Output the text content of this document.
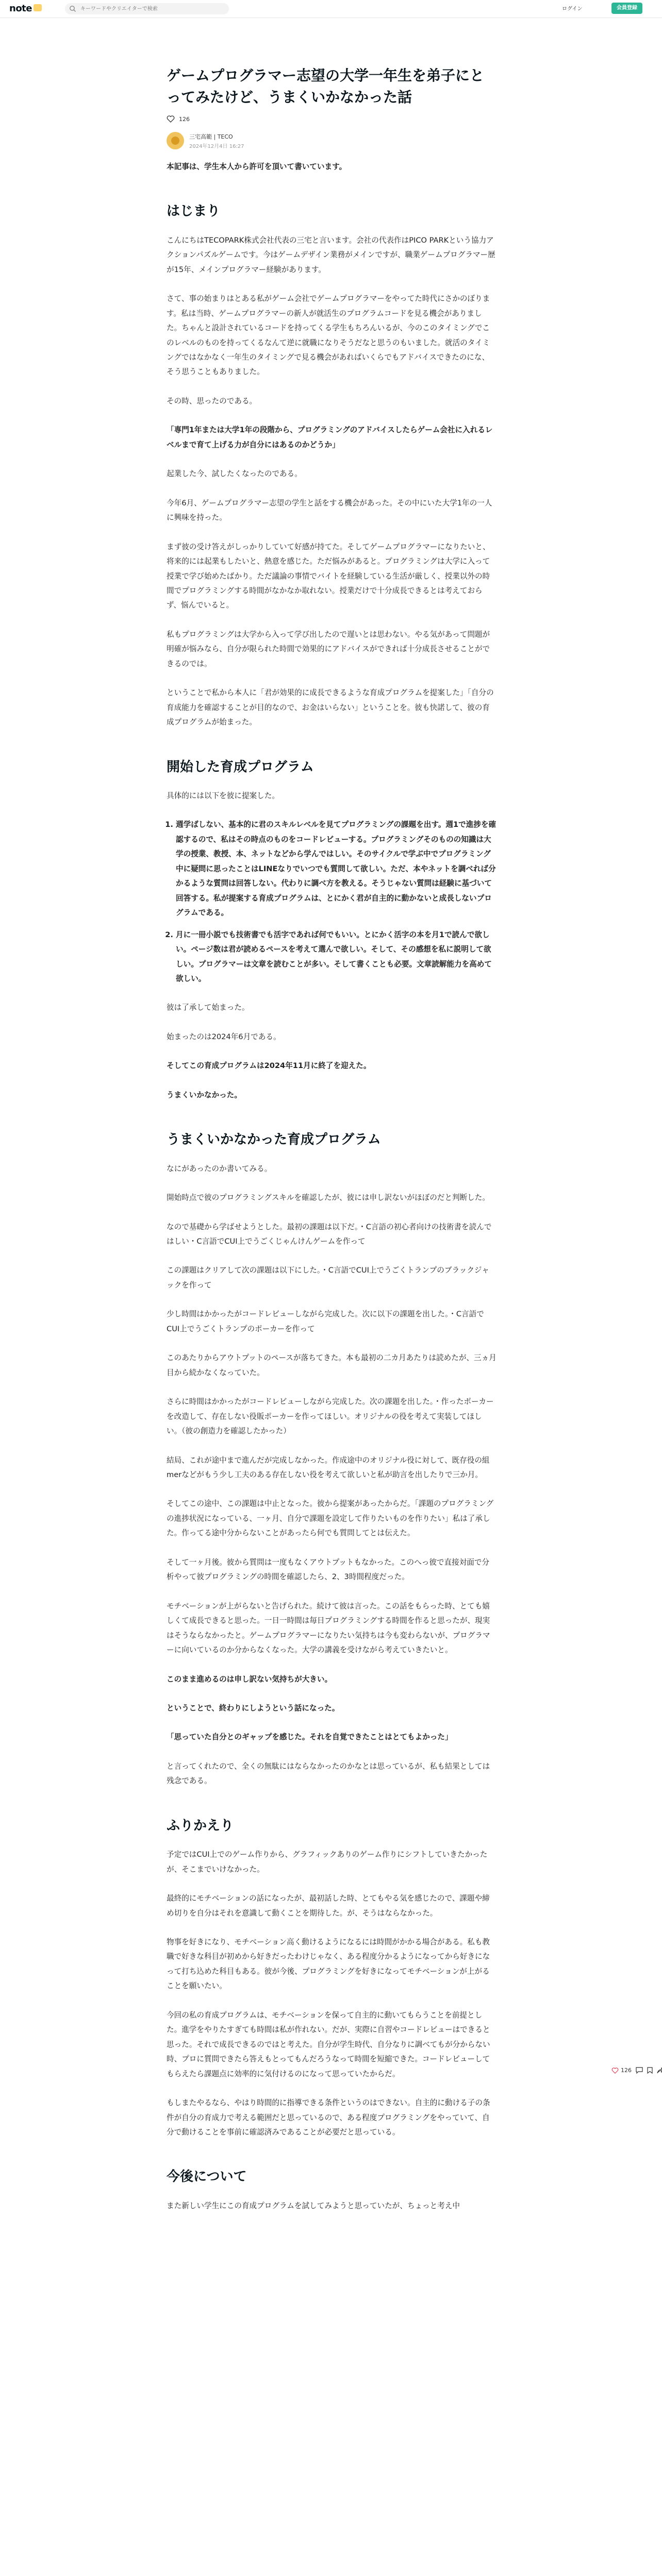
note
キーワードやクリエイターで検索	ログイン	会員登録
ゲームプログラマー志望の大学一年生を弟子にとってみたけど、うまくいかなかった話
126
三宅高範 | TECO
2024年12月4日 16:27

本記事は、学生本人から許可を頂いて書いています。

はじまり

こんにちはTECOPARK株式会社代表の三宅と言います。会社の代表作はPICO PARKという協力アクションパズルゲームです。今はゲームデザイン業務がメインですが、職業ゲームプログラマー歴が15年、メインプログラマー経験があります。

さて、事の始まりはとある私がゲーム会社でゲームプログラマーをやってた時代にさかのぼります。私は当時、ゲームプログラマーの新人が就活生のプログラムコードを見る機会がありました。ちゃんと設計されているコードを持ってくる学生もちろんいるが、今のこのタイミングでこのレベルのものを持ってくるなんて逆に就職になりそうだなと思うのもいました。就活のタイミングではなかなく一年生のタイミングで見る機会があればいくらでもアドバイスできたのにな、そう思うこともありました。

その時、思ったのである。

「専門1年または大学1年の段階から、プログラミングのアドバイスしたらゲーム会社に入れるレベルまで育て上げる力が自分にはあるのかどうか」

起業した今、試したくなったのである。

今年6月、ゲームプログラマー志望の学生と話をする機会があった。その中にいた大学1年の一人に興味を持った。

まず彼の受け答えがしっかりしていて好感が持てた。そしてゲームプログラマーになりたいと、将来的には起業もしたいと、熱意を感じた。ただ悩みがあると。プログラミングは大学に入って授業で学び始めたばかり。ただ議論の事情でバイトを経験している生活が厳しく、授業以外の時間でプログラミングする時間がなかなか取れない。授業だけで十分成長できるとは考えておらず、悩んでいると。

私もプログラミングは大学から入って学び出したので遅いとは思わない。やる気があって問題が明確が悩みなら、自分が限られた時間で効果的にアドバイスができれば十分成長させることができるのでは。

ということで私から本人に「君が効果的に成長できるような育成プログラムを提案した」「自分の育成能力を確認することが目的なので、お金はいらない」ということを。彼も快諾して、彼の育成プログラムが始まった。

開始した育成プログラム

具体的には以下を彼に提案した。

1. 週学ばしない、基本的に君のスキルレベルを見てプログラミングの課題を出す。週1で進捗を確認するので、私はその時点のものをコードレビューする。プログラミングそのものの知識は大学の授業、教授、本、ネットなどから学んではしい。そのサイクルで学ぶ中でプログラミング中に疑問に思ったことはLINEなりでいつでも質問して欲しい。ただ、本やネットを調べれば分かるような質問は回答しない。代わりに調べ方を教える。そうじゃない質問は経験に基づいて回答する。私が提案する育成プログラムは、とにかく君が自主的に動かないと成長しないプログラムである。
2. 月に一冊小説でも技術書でも活字であれば何でもいい。とにかく活字の本を月1で読んで欲しい。ページ数は君が読めるペースを考えて選んで欲しい。そして、その感想を私に説明して欲しい。プログラマーは文章を読むことが多い。そして書くことも必要。文章読解能力を高めて欲しい。

彼は了承して始まった。

始まったのは2024年6月である。

そしてこの育成プログラムは2024年11月に終了を迎えた。

うまくいかなかった。

うまくいかなかった育成プログラム

なにがあったのか書いてみる。

開始時点で彼のプログラミングスキルを確認したが、彼には申し訳ないがほぼのだと判断した。

なので基礎から学ばせようとした。最初の課題は以下だ。・C言語の初心者向けの技術書を読んではしい・C言語でCUI上でうごくじゃんけんゲームを作って

この課題はクリアして次の課題は以下にした。・C言語でCUI上でうごくトランプのブラックジャックを作って

少し時間はかかったがコードレビューしながら完成した。次に以下の課題を出した。・C言語でCUI上でうごくトランプのポーカーを作って

このあたりからアウトプットのペースが落ちてきた。本も最初の二カ月あたりは読めたが、三ヵ月目から続かなくなっていた。

さらに時間はかかったがコードレビューしながら完成した。次の課題を出した。・作ったポーカーを改造して、存在しない役販ポーカーを作ってほしい。オリジナルの役を考えて実装してほしい。（彼の創造力を確認したかった）

結局、これが途中まで進んだが完成しなかった。作成途中のオリジナル役に対して、既存役の組merなどがもう少し工夫のある存在しない役を考えて欲しいと私が助言を出したりで三か月。

そしてこの途中、この課題は中止となった。彼から提案があったからだ。「課題のプログラミングの進捗状況になっている、一ヶ月、自分で課題を設定して作りたいものを作りたい」私は了承した。作ってる途中分からないことがあったら何でも質問してとは伝えた。

そして一ヶ月後。彼から質問は一度もなくアウトプットもなかった。このへっ彼で直接対面で分析やって彼プログラミングの時間を確認したら、2、3時間程度だった。

モチベーションが上がらないと告げられた。続けて彼は言った。この話をもらった時、とても嬉しくて成長できると思った。一日一時間は毎日プログラミングする時間を作ると思ったが、現実はそうならなかったと。ゲームプログラマーになりたい気持ちは今も変わらないが、プログラマーに向いているのか分からなくなった。大学の講義を受けながら考えていきたいと。

このまま進めるのは申し訳ない気持ちが大きい。

ということで、終わりにしようという話になった。

「思っていた自分とのギャップを感じた。それを自覚できたことはとてもよかった」

と言ってくれたので、全くの無駄にはならなかったのかなとは思っているが、私も結果としては残念である。

ふりかえり

予定ではCUI上でのゲーム作りから、グラフィックありのゲーム作りにシフトしていきたかったが、そこまでいけなかった。

最終的にモチベーションの話になったが、最初話した時、とてもやる気を感じたので、課題や締め切りを自分はそれを意識して動くことを期待した。が、そうはならなかった。

物事を好きになり、モチベーション高く動けるようになるには時間がかかる場合がある。私も教職で好きな科目が初めから好きだったわけじゃなく、ある程度分かるようになってから好きになって打ち込めた科目もある。彼が今後、プログラミングを好きになってモチベーションが上がることを願いたい。

今回の私の育成プログラムは、モチベーションを保って自主的に動いてもらうことを前提とした。進学をやりたすぎても時間は私が作れない。だが、実際に自習やコードレビューはできると思った。それで成長できるのではと考えた。自分が学生時代、自分なりに調べてもが分からない時、プロに質問できたら答えもとってもんだろうなって時間を短縮できた。コードレビューしてもらえたら課題点に効率的に気付けるのになって思っていたからだ。

もしまたやるなら、やはり時間的に指導できる条件というのはできない。自主的に動ける子の条件が自分の育成力で考える範囲だと思っているので、ある程度プログラミングをやっていて、自分で動けることを事前に確認済みであることが必要だと思っている。

今後について

また新しい学生にこの育成プログラムを試してみようと思っていたが、ちょっと考え中

126
